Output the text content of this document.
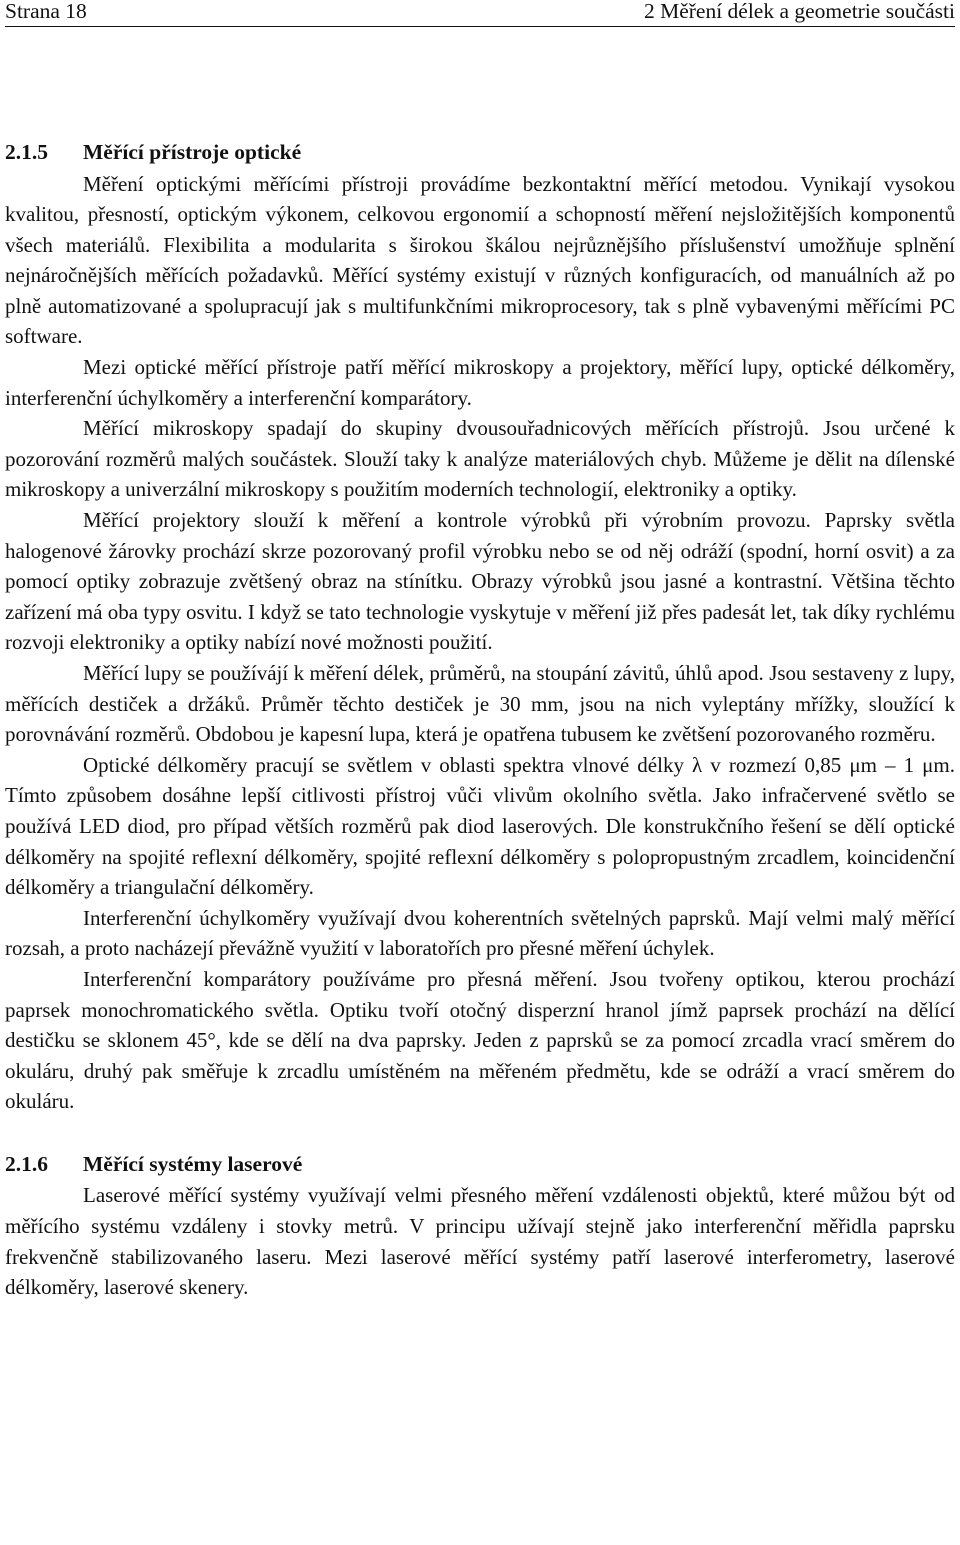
Strana 18	2 Měření délek a geometrie součásti
2.1.5 Měřící přístroje optické

Měření optickými měřícími přístroji provádíme bezkontaktní měřící metodou. Vynikají vysokou kvalitou, přesností, optickým výkonem, celkovou ergonomií a schopností měření nejsložitějších komponentů všech materiálů. Flexibilita a modularita s širokou škálou nejrůznějšího příslušenství umožňuje splnění nejnáročnějších měřících požadavků. Měřící systémy existují v různých konfiguracích, od manuálních až po plně automatizované a spolupracují jak s multifunkčními mikroprocesory, tak s plně vybavenými měřícími PC software.

Mezi optické měřící přístroje patří měřící mikroskopy a projektory, měřící lupy, optické délkoměry, interferenční úchylkoměry a interferenční komparátory.

Měřící mikroskopy spadají do skupiny dvousouřadnicových měřících přístrojů. Jsou určené k pozorování rozměrů malých součástek. Slouží taky k analýze materiálových chyb. Můžeme je dělit na dílenské mikroskopy a univerzální mikroskopy s použitím moderních technologií, elektroniky a optiky.

Měřící projektory slouží k měření a kontrole výrobků při výrobním provozu. Paprsky světla halogenové žárovky prochází skrze pozorovaný profil výrobku nebo se od něj odráží (spodní, horní osvit) a za pomocí optiky zobrazuje zvětšený obraz na stínítku. Obrazy výrobků jsou jasné a kontrastní. Většina těchto zařízení má oba typy osvitu. I když se tato technologie vyskytuje v měření již přes padesát let, tak díky rychlému rozvoji elektroniky a optiky nabízí nové možnosti použití.

Měřící lupy se používájí k měření délek, průměrů, na stoupání závitů, úhlů apod. Jsou sestaveny z lupy, měřících destiček a držáků. Průměr těchto destiček je 30 mm, jsou na nich vyleptány mřížky, sloužící k porovnávání rozměrů. Obdobou je kapesní lupa, která je opatřena tubusem ke zvětšení pozorovaného rozměru.

Optické délkoměry pracují se světlem v oblasti spektra vlnové délky λ v rozmezí 0,85 μm – 1 μm. Tímto způsobem dosáhne lepší citlivosti přístroj vůči vlivům okolního světla. Jako infračervené světlo se používá LED diod, pro případ větších rozměrů pak diod laserových. Dle konstrukčního řešení se dělí optické délkoměry na spojité reflexní délkoměry, spojité reflexní délkoměry s polopropustným zrcadlem, koincidenční délkoměry a triangulační délkoměry.

Interferenční úchylkoměry využívají dvou koherentních světelných paprsků. Mají velmi malý měřící rozsah, a proto nacházejí převážně využití v laboratořích pro přesné měření úchylek.

Interferenční komparátory používáme pro přesná měření. Jsou tvořeny optikou, kterou prochází paprsek monochromatického světla. Optiku tvoří otočný disperzní hranol jímž paprsek prochází na dělící destičku se sklonem 45°, kde se dělí na dva paprsky. Jeden z paprsků se za pomocí zrcadla vrací směrem do okuláru, druhý pak směřuje k zrcadlu umístěném na měřeném předmětu, kde se odráží a vrací směrem do okuláru.

2.1.6 Měřící systémy laserové

Laserové měřící systémy využívají velmi přesného měření vzdálenosti objektů, které můžou být od měřícího systému vzdáleny i stovky metrů. V principu užívají stejně jako interferenční měřidla paprsku frekvenčně stabilizovaného laseru. Mezi laserové měřící systémy patří laserové interferometry, laserové délkoměry, laserové skenery.
